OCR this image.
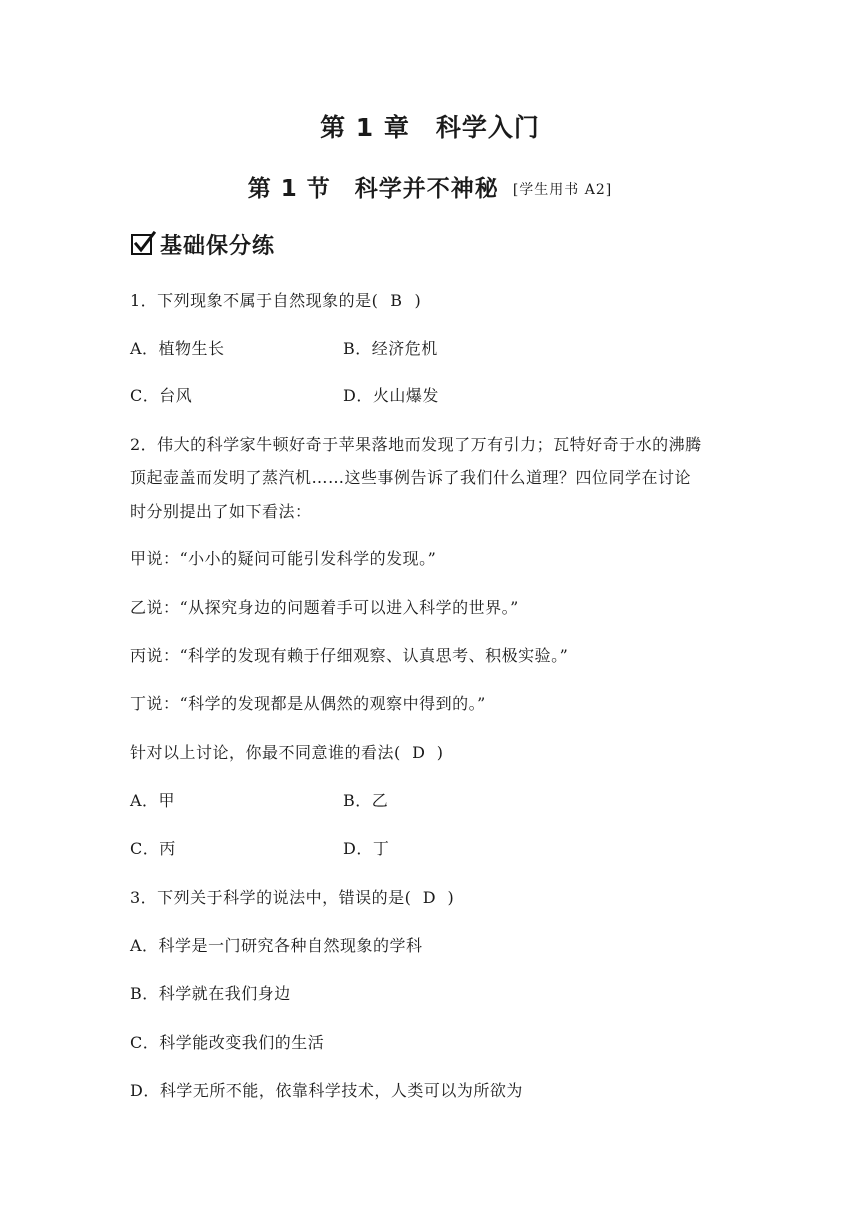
第 1 章　科学入门
第 1 节　科学并不神秘 [学生用书 A2]
基础保分练
1．下列现象不属于自然现象的是( B )
A．植物生长	B．经济危机
C．台风	D．火山爆发
2．伟大的科学家牛顿好奇于苹果落地而发现了万有引力；瓦特好奇于水的沸腾
顶起壶盖而发明了蒸汽机……这些事例告诉了我们什么道理？四位同学在讨论
时分别提出了如下看法：
甲说：“小小的疑问可能引发科学的发现。”
乙说：“从探究身边的问题着手可以进入科学的世界。”
丙说：“科学的发现有赖于仔细观察、认真思考、积极实验。”
丁说：“科学的发现都是从偶然的观察中得到的。”
针对以上讨论，你最不同意谁的看法( D )
A．甲	B．乙
C．丙	D．丁
3．下列关于科学的说法中，错误的是( D )
A．科学是一门研究各种自然现象的学科
B．科学就在我们身边
C．科学能改变我们的生活
D．科学无所不能，依靠科学技术，人类可以为所欲为
